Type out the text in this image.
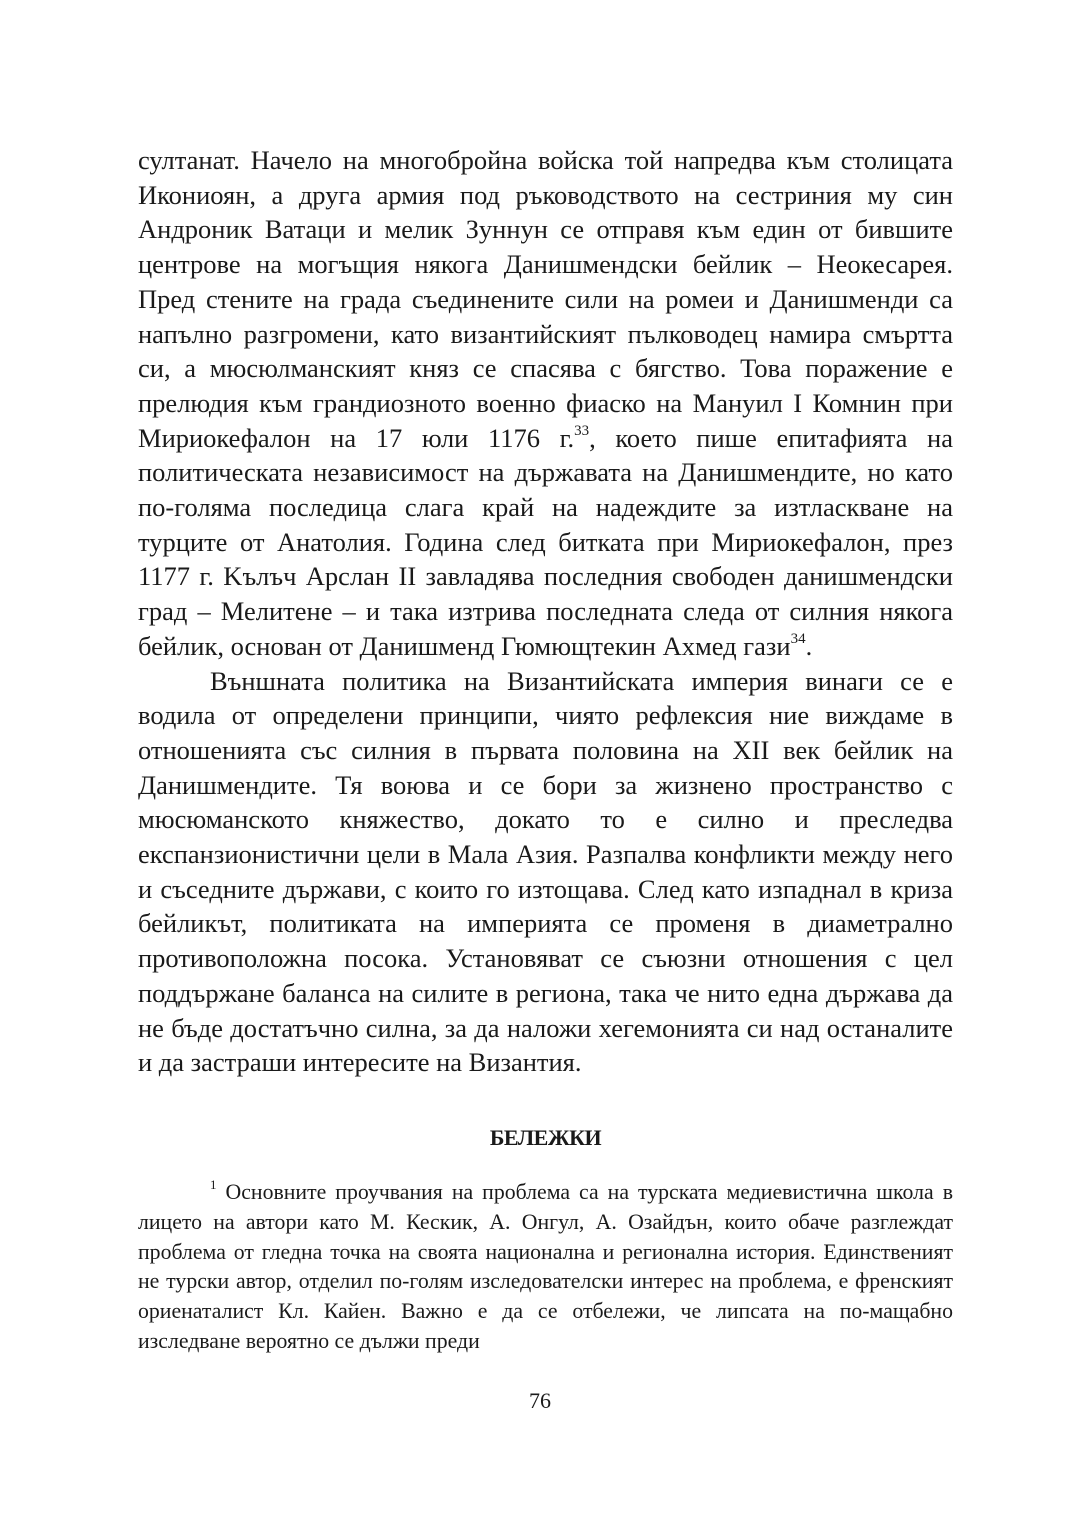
султанат. Начело на многобройна войска той напредва към столицата Икониоян, а друга армия под ръководството на сестриния му син Андроник Ватаци и мелик Зуннун се отправя към един от бившите центрове на могъщия някога Данишмендски бейлик – Неокесарея. Пред стените на града съединените сили на ромеи и Данишменди са напълно разгромени, като византийският пълководец намира смъртта си, а мюсюлманският княз се спасява с бягство. Това поражение е прелюдия към грандиозното военно фиаско на Мануил I Комнин при Мириокефалон на 17 юли 1176 г.$^{33}$, което пише епитафията на политическата независимост на държавата на Данишмендите, но като по-голяма последица слага край на надеждите за изтласкване на турците от Анатолия. Година след битката при Мириокефалон, през 1177 г. Kълъч Арслан II завладява последния свободен данишмендски град – Мелитене – и така изтрива последната следа от силния някога бейлик, основан от Данишменд Гюмющтекин Ахмед гази$^{34}$.

Външната политика на Византийската империя винаги се е водила от определени принципи, чиято рефлексия ние виждаме в отношенията със силния в първата половина на XII век бейлик на Данишмендите. Тя воюва и се бори за жизнено пространство с мюсюманското княжество, докато то е силно и преследва експанзионистични цели в Мала Азия. Разпалва конфликти между него и съседните държави, с които го изтощава. След като изпаднал в криза бейликът, политиката на империята се променя в диаметрално противоположна посока. Установяват се съюзни отношения с цел поддържане баланса на силите в региона, така че нито една държава да не бъде достатъчно силна, за да наложи хегемонията си над останалите и да застраши интересите на Византия.

БЕЛЕЖКИ

$^1$ Основните проучвания на проблема са на турската медиевистична школа в лицето на автори като М. Кескик, А. Онгул, А. Озайдън, които обаче разглеждат проблема от гледна точка на своята национална и регионална история. Единственият не турски автор, отделил по-голям изследователски интерес на проблема, е френският ориенаталист Кл. Кайен. Важно е да се отбележи, че липсата на по-мащабно изследване вероятно се дължи преди

76
